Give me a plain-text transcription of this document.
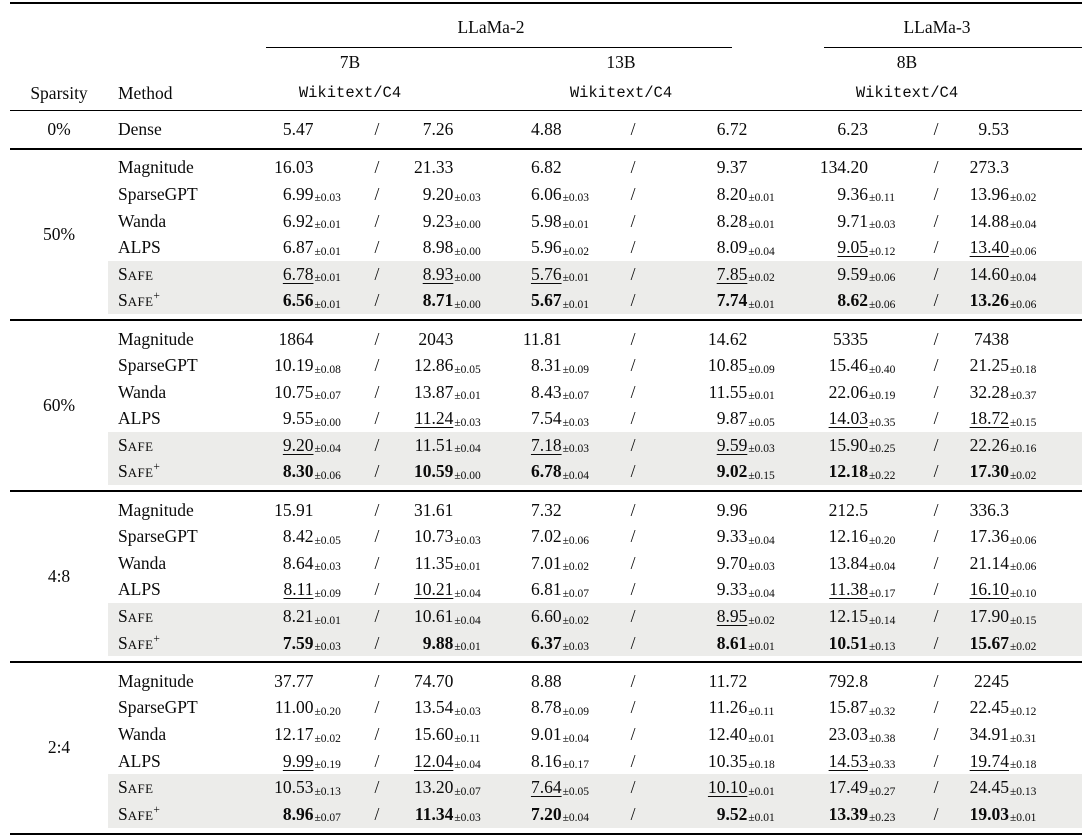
LLaMa-2	LLaMa-3
7B	13B	8B
Sparsity	Method	Wikitext/C4	Wikitext/C4	Wikitext/C4
0%	Dense	5.47	/	7.26	4.88	/	6.72	6.23	/	9.53
50%
Magnitude	16.03	/	21.33	6.82	/	9.37	134.20	/	273.3
SparseGPT	6.99 ±0.03	/	9.20 ±0.03	6.06 ±0.03	/	8.20 ±0.01	9.36 ±0.11	/	13.96 ±0.02
Wanda	6.92 ±0.01	/	9.23 ±0.00	5.98 ±0.01	/	8.28 ±0.01	9.71 ±0.03	/	14.88 ±0.04
ALPS	6.87 ±0.01	/	8.98 ±0.00	5.96 ±0.02	/	8.09 ±0.04	9.05 ±0.12	/	13.40 ±0.06
SAFE	6.78 ±0.01	/	8.93 ±0.00	5.76 ±0.01	/	7.85 ±0.02	9.59 ±0.06	/	14.60 ±0.04
SAFE+	6.56 ±0.01	/	8.71 ±0.00	5.67 ±0.01	/	7.74 ±0.01	8.62 ±0.06	/	13.26 ±0.06
60%
Magnitude	1864	/	2043	11.81	/	14.62	5335	/	7438
SparseGPT	10.19 ±0.08	/	12.86 ±0.05	8.31 ±0.09	/	10.85 ±0.09	15.46 ±0.40	/	21.25 ±0.18
Wanda	10.75 ±0.07	/	13.87 ±0.01	8.43 ±0.07	/	11.55 ±0.01	22.06 ±0.19	/	32.28 ±0.37
ALPS	9.55 ±0.00	/	11.24 ±0.03	7.54 ±0.03	/	9.87 ±0.05	14.03 ±0.35	/	18.72 ±0.15
SAFE	9.20 ±0.04	/	11.51 ±0.04	7.18 ±0.03	/	9.59 ±0.03	15.90 ±0.25	/	22.26 ±0.16
SAFE+	8.30 ±0.06	/	10.59 ±0.00	6.78 ±0.04	/	9.02 ±0.15	12.18 ±0.22	/	17.30 ±0.02
4:8
Magnitude	15.91	/	31.61	7.32	/	9.96	212.5	/	336.3
SparseGPT	8.42 ±0.05	/	10.73 ±0.03	7.02 ±0.06	/	9.33 ±0.04	12.16 ±0.20	/	17.36 ±0.06
Wanda	8.64 ±0.03	/	11.35 ±0.01	7.01 ±0.02	/	9.70 ±0.03	13.84 ±0.04	/	21.14 ±0.06
ALPS	8.11 ±0.09	/	10.21 ±0.04	6.81 ±0.07	/	9.33 ±0.04	11.38 ±0.17	/	16.10 ±0.10
SAFE	8.21 ±0.01	/	10.61 ±0.04	6.60 ±0.02	/	8.95 ±0.02	12.15 ±0.14	/	17.90 ±0.15
SAFE+	7.59 ±0.03	/	9.88 ±0.01	6.37 ±0.03	/	8.61 ±0.01	10.51 ±0.13	/	15.67 ±0.02
2:4
Magnitude	37.77	/	74.70	8.88	/	11.72	792.8	/	2245
SparseGPT	11.00 ±0.20	/	13.54 ±0.03	8.78 ±0.09	/	11.26 ±0.11	15.87 ±0.32	/	22.45 ±0.12
Wanda	12.17 ±0.02	/	15.60 ±0.11	9.01 ±0.04	/	12.40 ±0.01	23.03 ±0.38	/	34.91 ±0.31
ALPS	9.99 ±0.19	/	12.04 ±0.04	8.16 ±0.17	/	10.35 ±0.18	14.53 ±0.33	/	19.74 ±0.18
SAFE	10.53 ±0.13	/	13.20 ±0.07	7.64 ±0.05	/	10.10 ±0.01	17.49 ±0.27	/	24.45 ±0.13
SAFE+	8.96 ±0.07	/	11.34 ±0.03	7.20 ±0.04	/	9.52 ±0.01	13.39 ±0.23	/	19.03 ±0.01
